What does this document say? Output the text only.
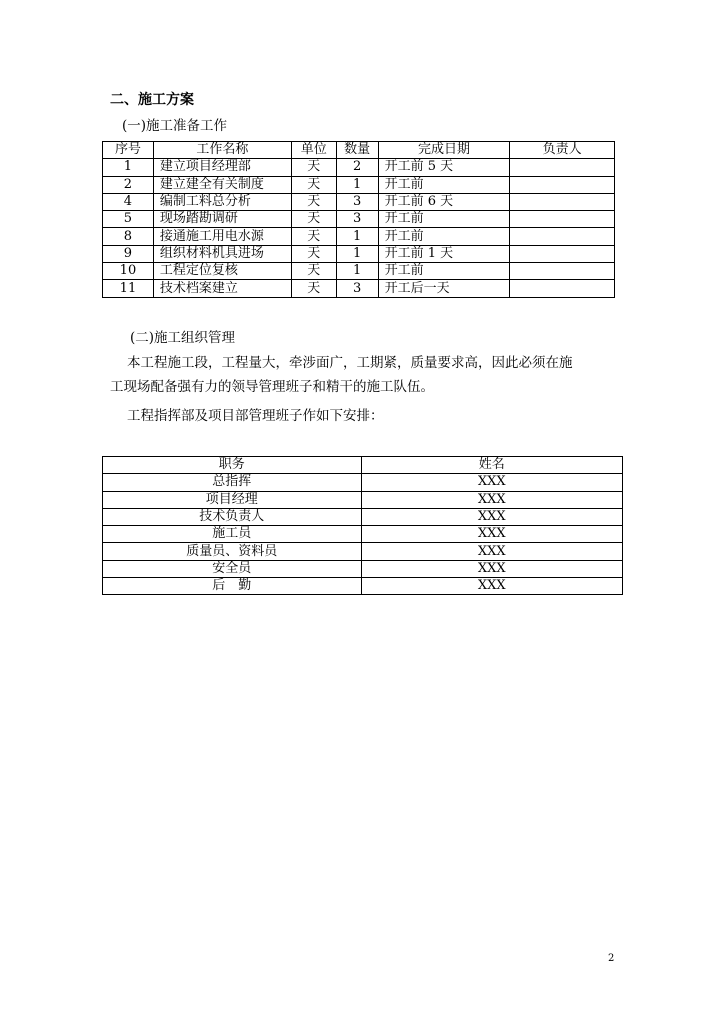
二、施工方案
(一)施工准备工作
序号	工作名称	单位	数量	完成日期	负责人
1	建立项目经理部	天	2	开工前 5 天	
2	建立建全有关制度	天	1	开工前	
4	编制工料总分析	天	3	开工前 6 天	
5	现场踏勘调研	天	3	开工前	
8	接通施工用电水源	天	1	开工前	
9	组织材料机具进场	天	1	开工前 1 天	
10	工程定位复核	天	1	开工前	
11	技术档案建立	天	3	开工后一天	
(二)施工组织管理
本工程施工段，工程量大，牵涉面广，工期紧，质量要求高，因此必须在施
工现场配备强有力的领导管理班子和精干的施工队伍。
工程指挥部及项目部管理班子作如下安排：
职务	姓名
总指挥	XXX
项目经理	XXX
技术负责人	XXX
施工员	XXX
质量员、资料员	XXX
安全员	XXX
后　勤	XXX
2
